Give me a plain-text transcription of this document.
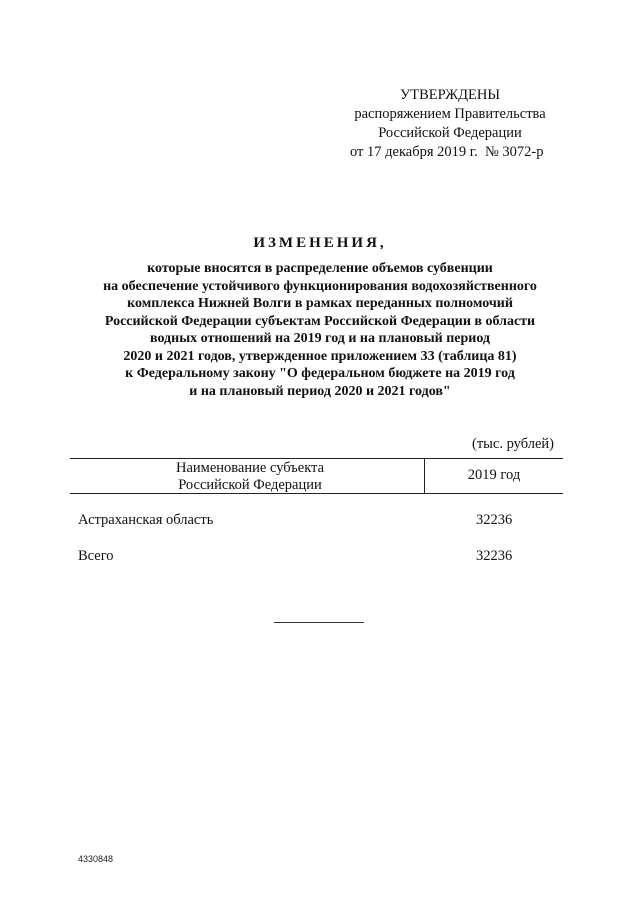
УТВЕРЖДЕНЫ
распоряжением Правительства
Российской Федерации
от 17 декабря 2019 г.  № 3072-р
ИЗМЕНЕНИЯ,
которые вносятся в распределение объемов субвенции
на обеспечение устойчивого функционирования водохозяйственного
комплекса Нижней Волги в рамках переданных полномочий
Российской Федерации субъектам Российской Федерации в области
водных отношений на 2019 год и на плановый период
2020 и 2021 годов, утвержденное приложением 33 (таблица 81)
к Федеральному закону "О федеральном бюджете на 2019 год
и на плановый период 2020 и 2021 годов"
(тыс. рублей)
Наименование субъекта
Российской Федерации
2019 год
Астраханская область	32236
Всего	32236
4330848
